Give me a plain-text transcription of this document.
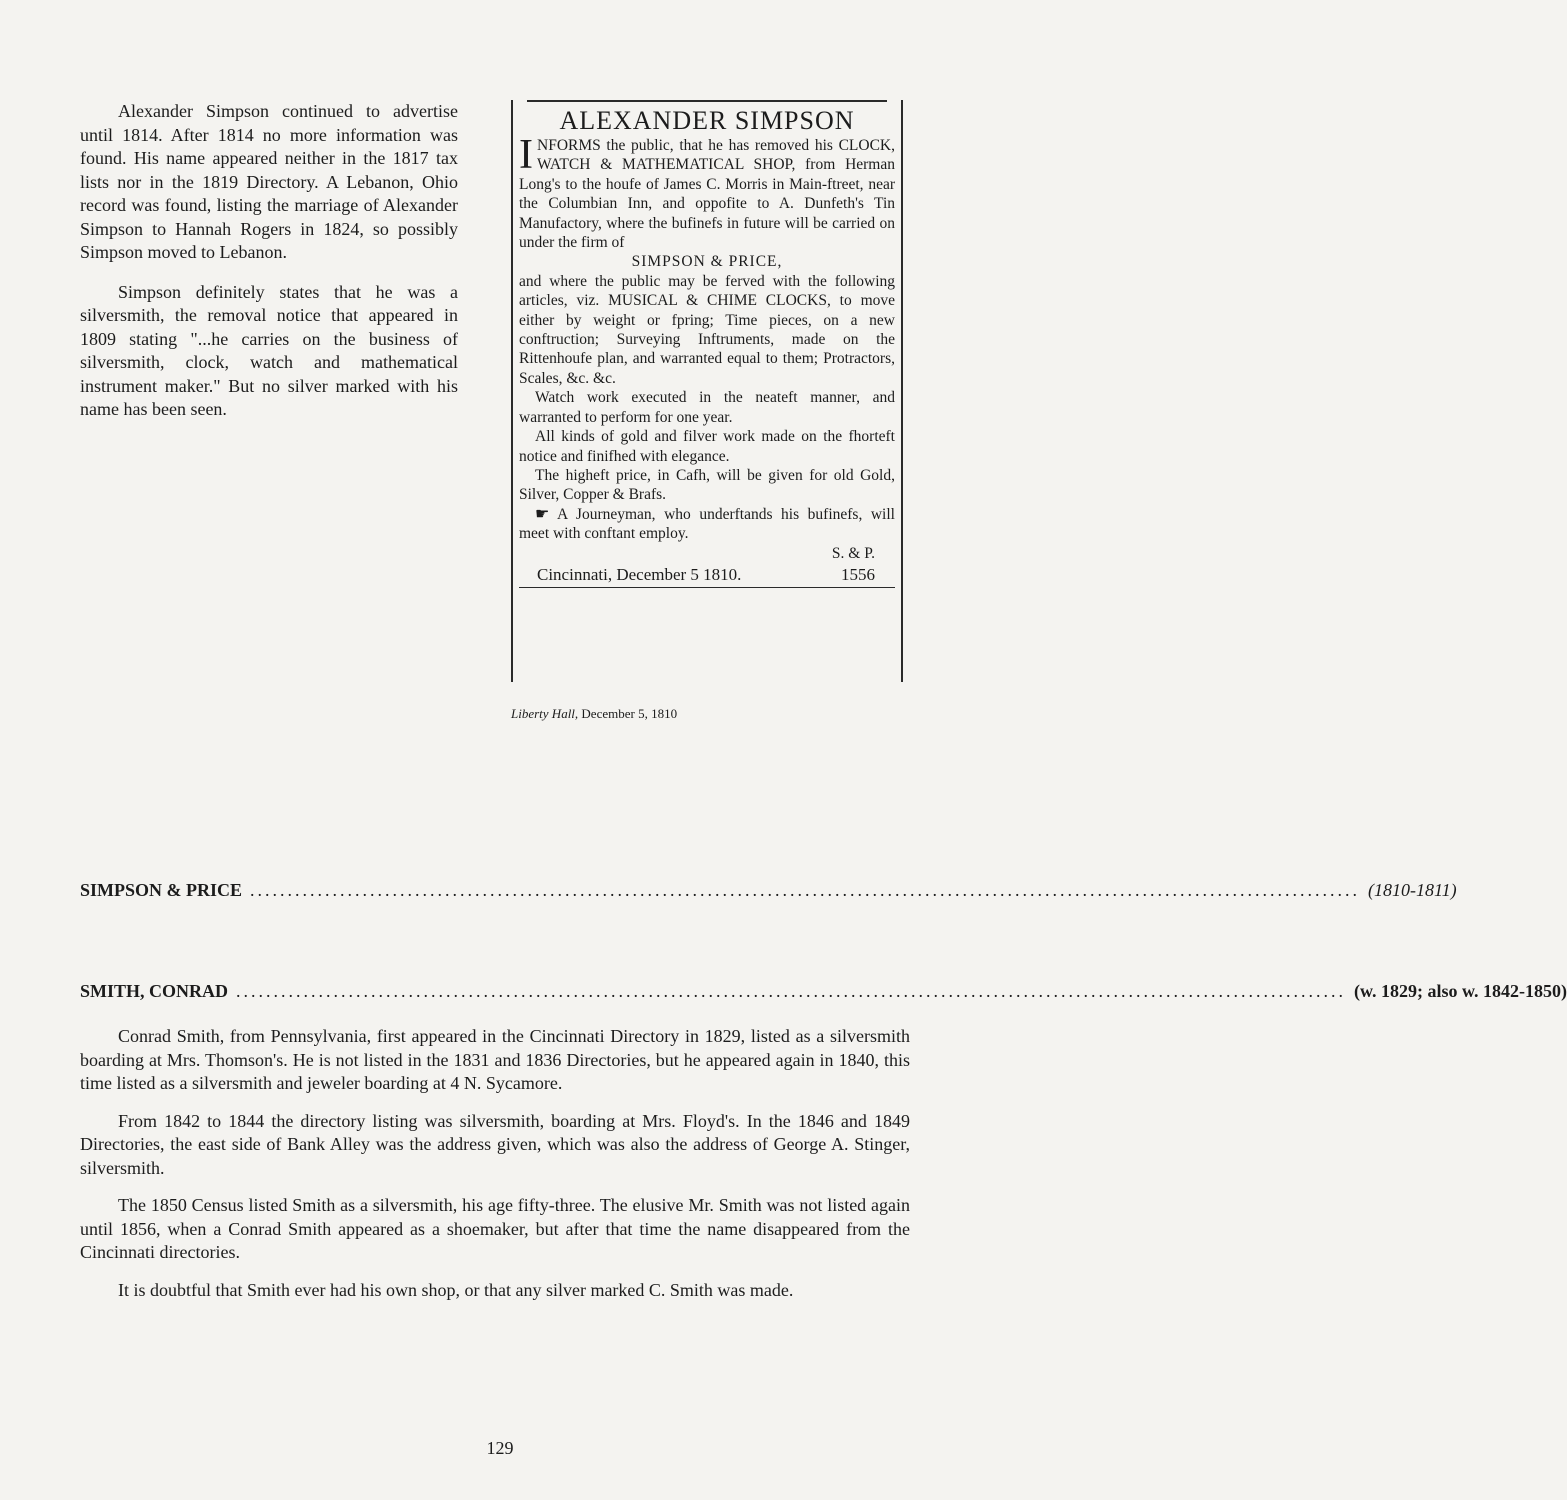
Alexander Simpson continued to advertise until 1814. After 1814 no more information was found. His name appeared neither in the 1817 tax lists nor in the 1819 Directory. A Lebanon, Ohio record was found, listing the marriage of Alexander Simpson to Hannah Rogers in 1824, so possibly Simpson moved to Lebanon.

Simpson definitely states that he was a silversmith, the removal notice that appeared in 1809 stating "...he carries on the business of silversmith, clock, watch and mathematical instrument maker." But no silver marked with his name has been seen.

ALEXANDER SIMPSON

INFORMS the public, that he has removed his CLOCK, WATCH & MATHEMATICAL SHOP, from Herman Long's to the houfe of James C. Morris in Main-ftreet, near the Columbian Inn, and oppofite to A. Dunfeth's Tin Manufactory, where the bufinefs in future will be carried on under the firm of

SIMPSON & PRICE,

and where the public may be ferved with the following articles, viz. MUSICAL & CHIME CLOCKS, to move either by weight or fpring; Time pieces, on a new conftruction; Surveying Inftruments, made on the Rittenhoufe plan, and warranted equal to them; Protractors, Scales, &c. &c.

Watch work executed in the neateft manner, and warranted to perform for one year.

All kinds of gold and filver work made on the fhorteft notice and finifhed with elegance.

The higheft price, in Cafh, will be given for old Gold, Silver, Copper & Brafs.

☛ A Journeyman, who underftands his bufinefs, will meet with conftant employ.

S. & P.

Cincinnati, December 5 1810.	1556
Liberty Hall, December 5, 1810
SIMPSON & PRICE .................................................................................................................................................... (1810-1811)
SMITH, CONRAD .................................................................................................................................................... (w. 1829; also w. 1842-1850)

Conrad Smith, from Pennsylvania, first appeared in the Cincinnati Directory in 1829, listed as a silversmith boarding at Mrs. Thomson's. He is not listed in the 1831 and 1836 Directories, but he appeared again in 1840, this time listed as a silversmith and jeweler boarding at 4 N. Sycamore.

From 1842 to 1844 the directory listing was silversmith, boarding at Mrs. Floyd's. In the 1846 and 1849 Directories, the east side of Bank Alley was the address given, which was also the address of George A. Stinger, silversmith.

The 1850 Census listed Smith as a silversmith, his age fifty-three. The elusive Mr. Smith was not listed again until 1856, when a Conrad Smith appeared as a shoemaker, but after that time the name disappeared from the Cincinnati directories.

It is doubtful that Smith ever had his own shop, or that any silver marked C. Smith was made.

129
